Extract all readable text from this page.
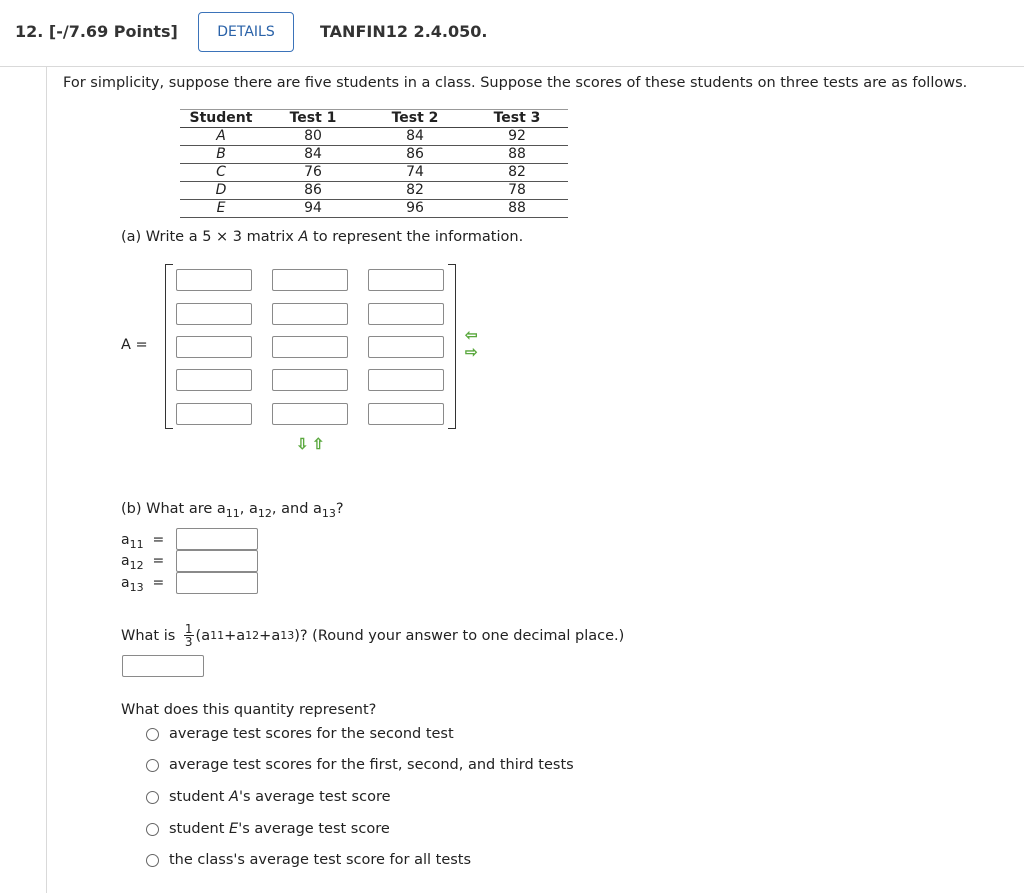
12. [-/7.69 Points]	DETAILS	TANFIN12 2.4.050.
For simplicity, suppose there are five students in a class. Suppose the scores of these students on three tests are as follows.
Student	Test 1	Test 2	Test 3
A	80	84	92
B	84	86	88
C	76	74	82
D	86	82	78
E	94	96	88
(a) Write a 5 × 3 matrix A to represent the information.
A =
⇦
⇨
⇩ ⇧
(b) What are $a_{11}$, $a_{12}$, and $a_{13}$?
$a_{11}$ =
$a_{12}$ =
$a_{13}$ =
What is
$\frac{1}{3}$ ( a 11 + a 12 + a 13 )? (Round your answer to one decimal place.)
What does this quantity represent?
average test scores for the second test
average test scores for the first, second, and third tests
student A's average test score
student E's average test score
the class's average test score for all tests
